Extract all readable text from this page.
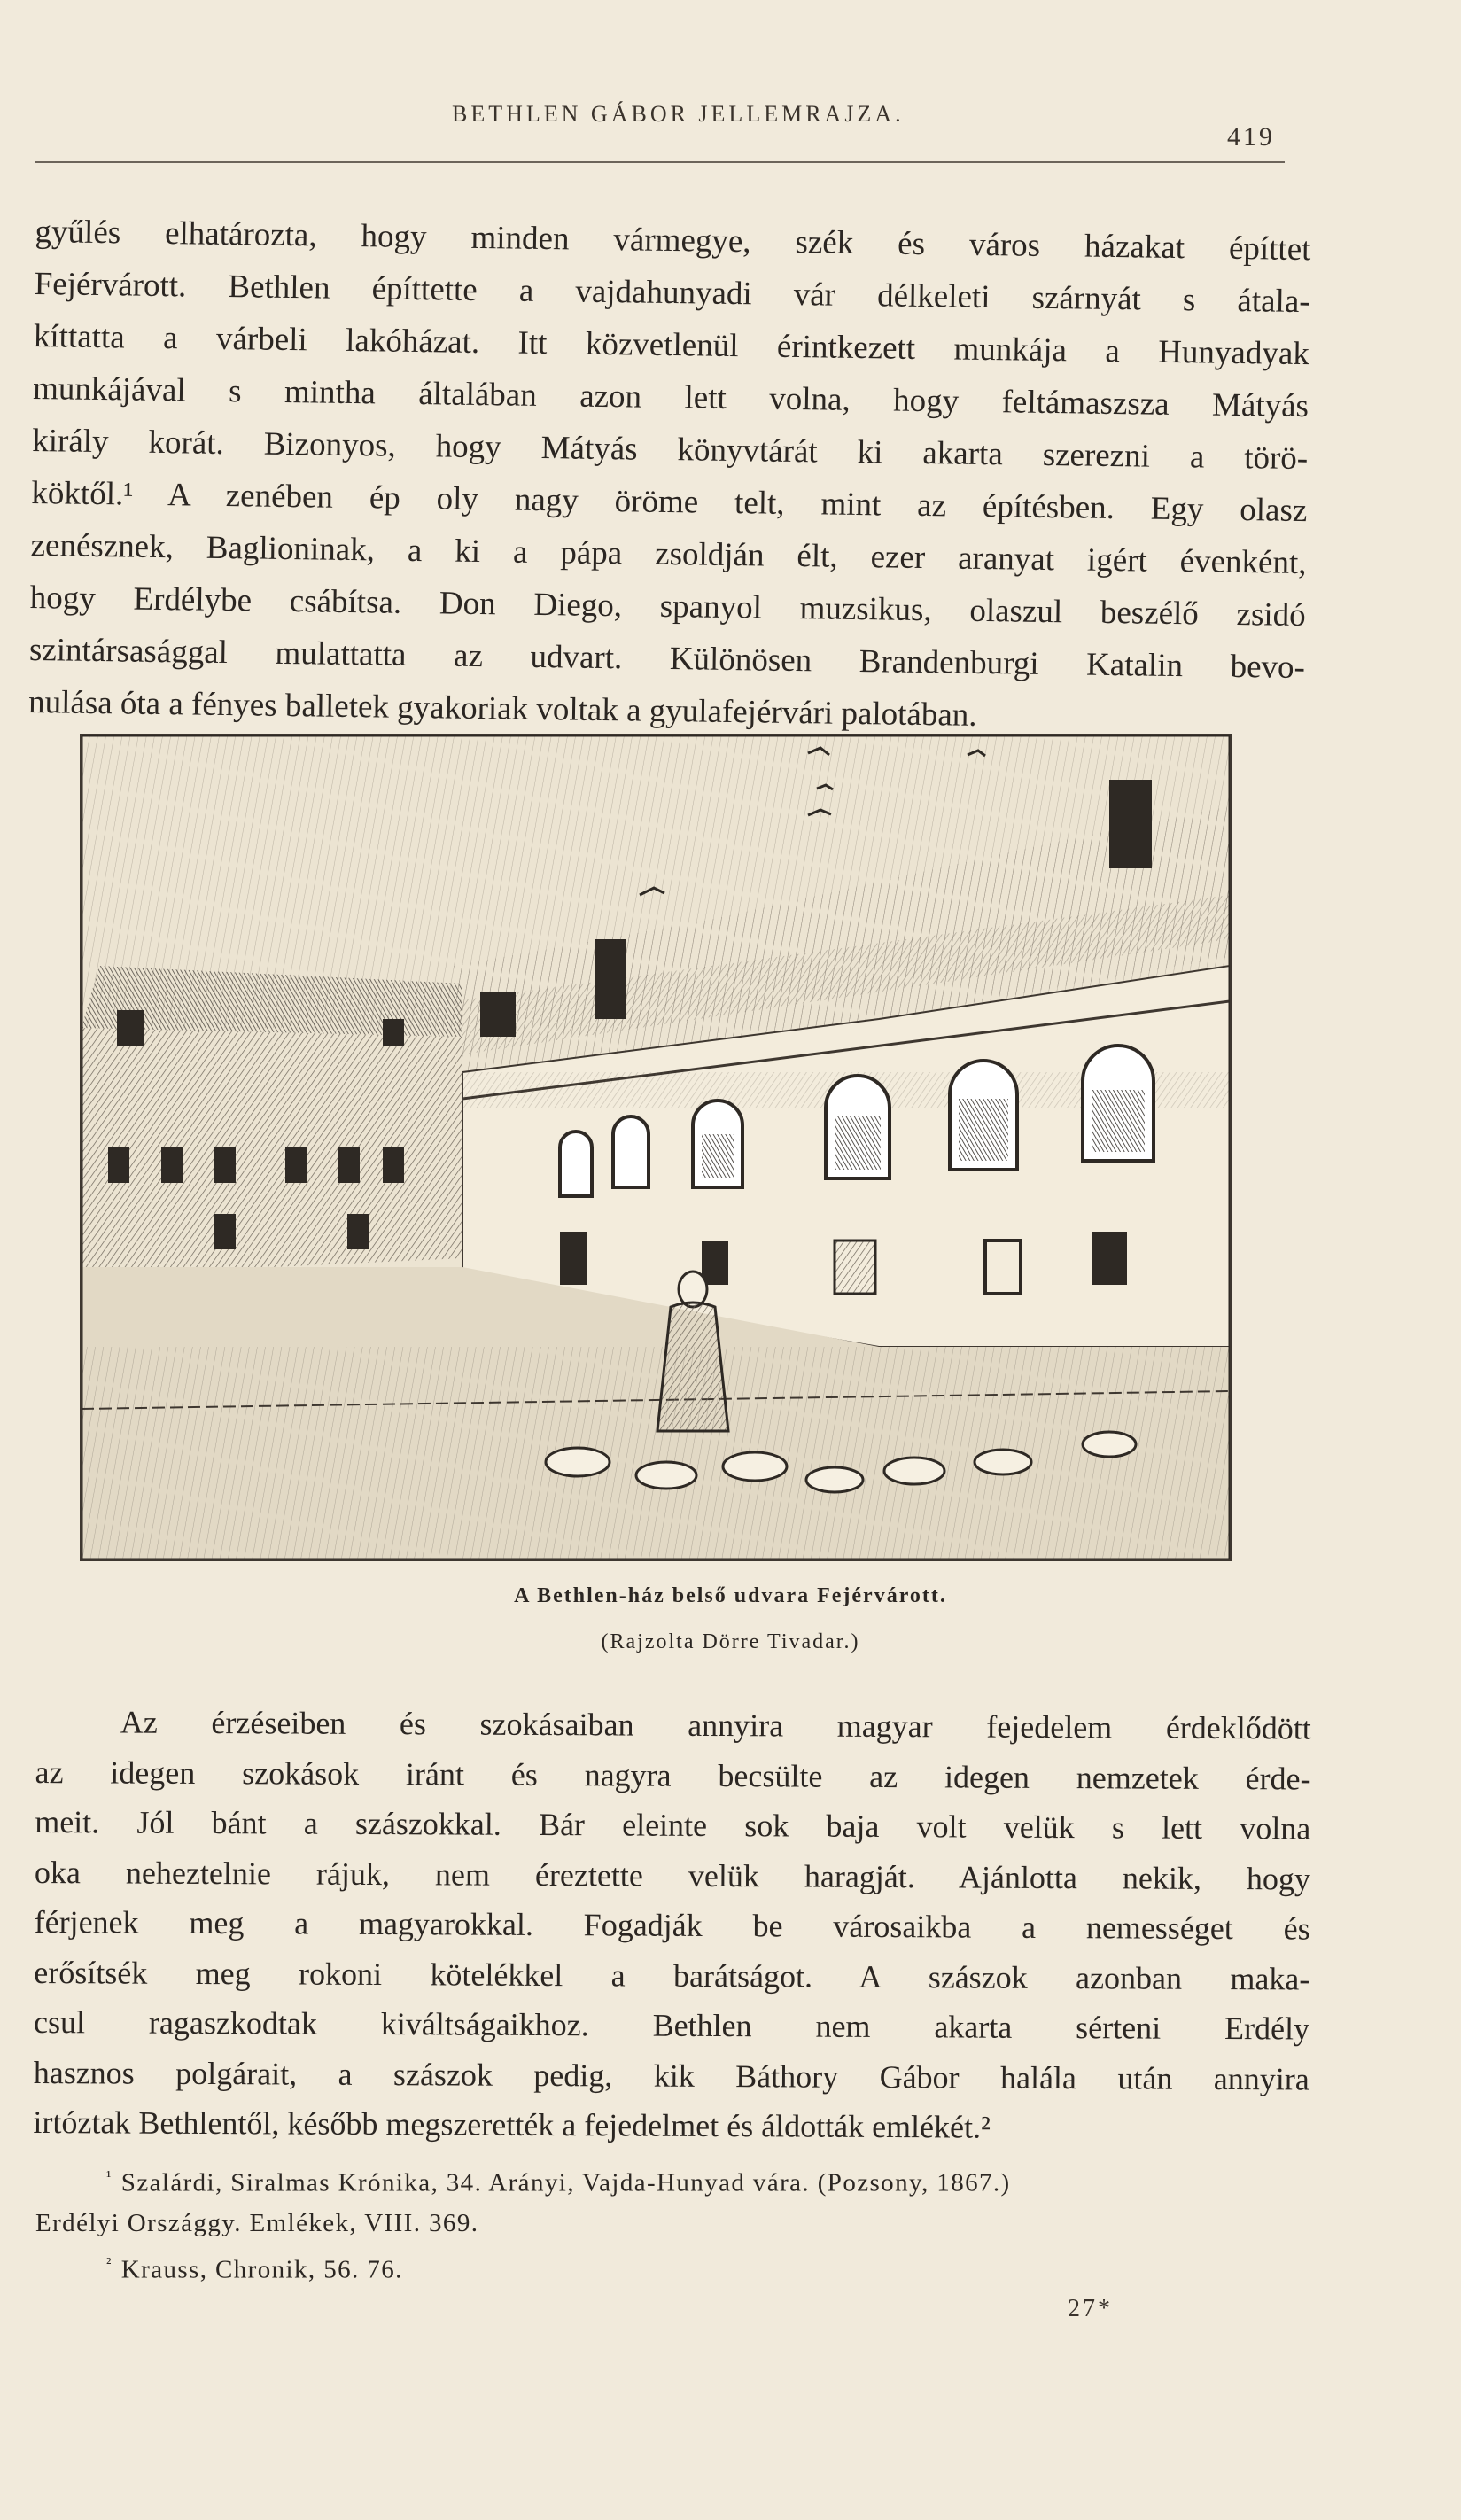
BETHLEN GÁBOR JELLEMRAJZA.
419
gyűlés elhatározta, hogy minden vármegye, szék és város házakat építtet
Fejérvárott. Bethlen építtette a vajdahunyadi vár délkeleti szárnyát s átala-
kíttatta a várbeli lakóházat. Itt közvetlenül érintkezett munkája a Hunyadyak
munkájával s mintha általában azon lett volna, hogy feltámaszsza Mátyás
király korát. Bizonyos, hogy Mátyás könyvtárát ki akarta szerezni a törö-
köktől.¹ A zenében ép oly nagy öröme telt, mint az építésben. Egy olasz
zenésznek, Baglioninak, a ki a pápa zsoldján élt, ezer aranyat igért évenként,
hogy Erdélybe csábítsa. Don Diego, spanyol muzsikus, olaszul beszélő zsidó
szintársasággal mulattatta az udvart. Különösen Brandenburgi Katalin bevo-
nulása óta a fényes balletek gyakoriak voltak a gyulafejérvári palotában.
A Bethlen-ház belső udvara Fejérvárott.
(Rajzolta Dörre Tivadar.)
Az érzéseiben és szokásaiban annyira magyar fejedelem érdeklődött
az idegen szokások iránt és nagyra becsülte az idegen nemzetek érde-
meit. Jól bánt a szászokkal. Bár eleinte sok baja volt velük s lett volna
oka neheztelnie rájuk, nem éreztette velük haragját. Ajánlotta nekik, hogy
férjenek meg a magyarokkal. Fogadják be városaikba a nemességet és
erősítsék meg rokoni kötelékkel a barátságot. A szászok azonban maka-
csul ragaszkodtak kiváltságaikhoz. Bethlen nem akarta sérteni Erdély
hasznos polgárait, a szászok pedig, kik Báthory Gábor halála után annyira
irtóztak Bethlentől, később megszerették a fejedelmet és áldották emlékét.²
$^{^1}$ Szalárdi, Siralmas Krónika, 34. Arányi, Vajda-Hunyad vára. (Pozsony, 1867.)
Erdélyi Országgy. Emlékek, VIII. 369.
$^{^2}$ Krauss, Chronik, 56. 76.
27*
